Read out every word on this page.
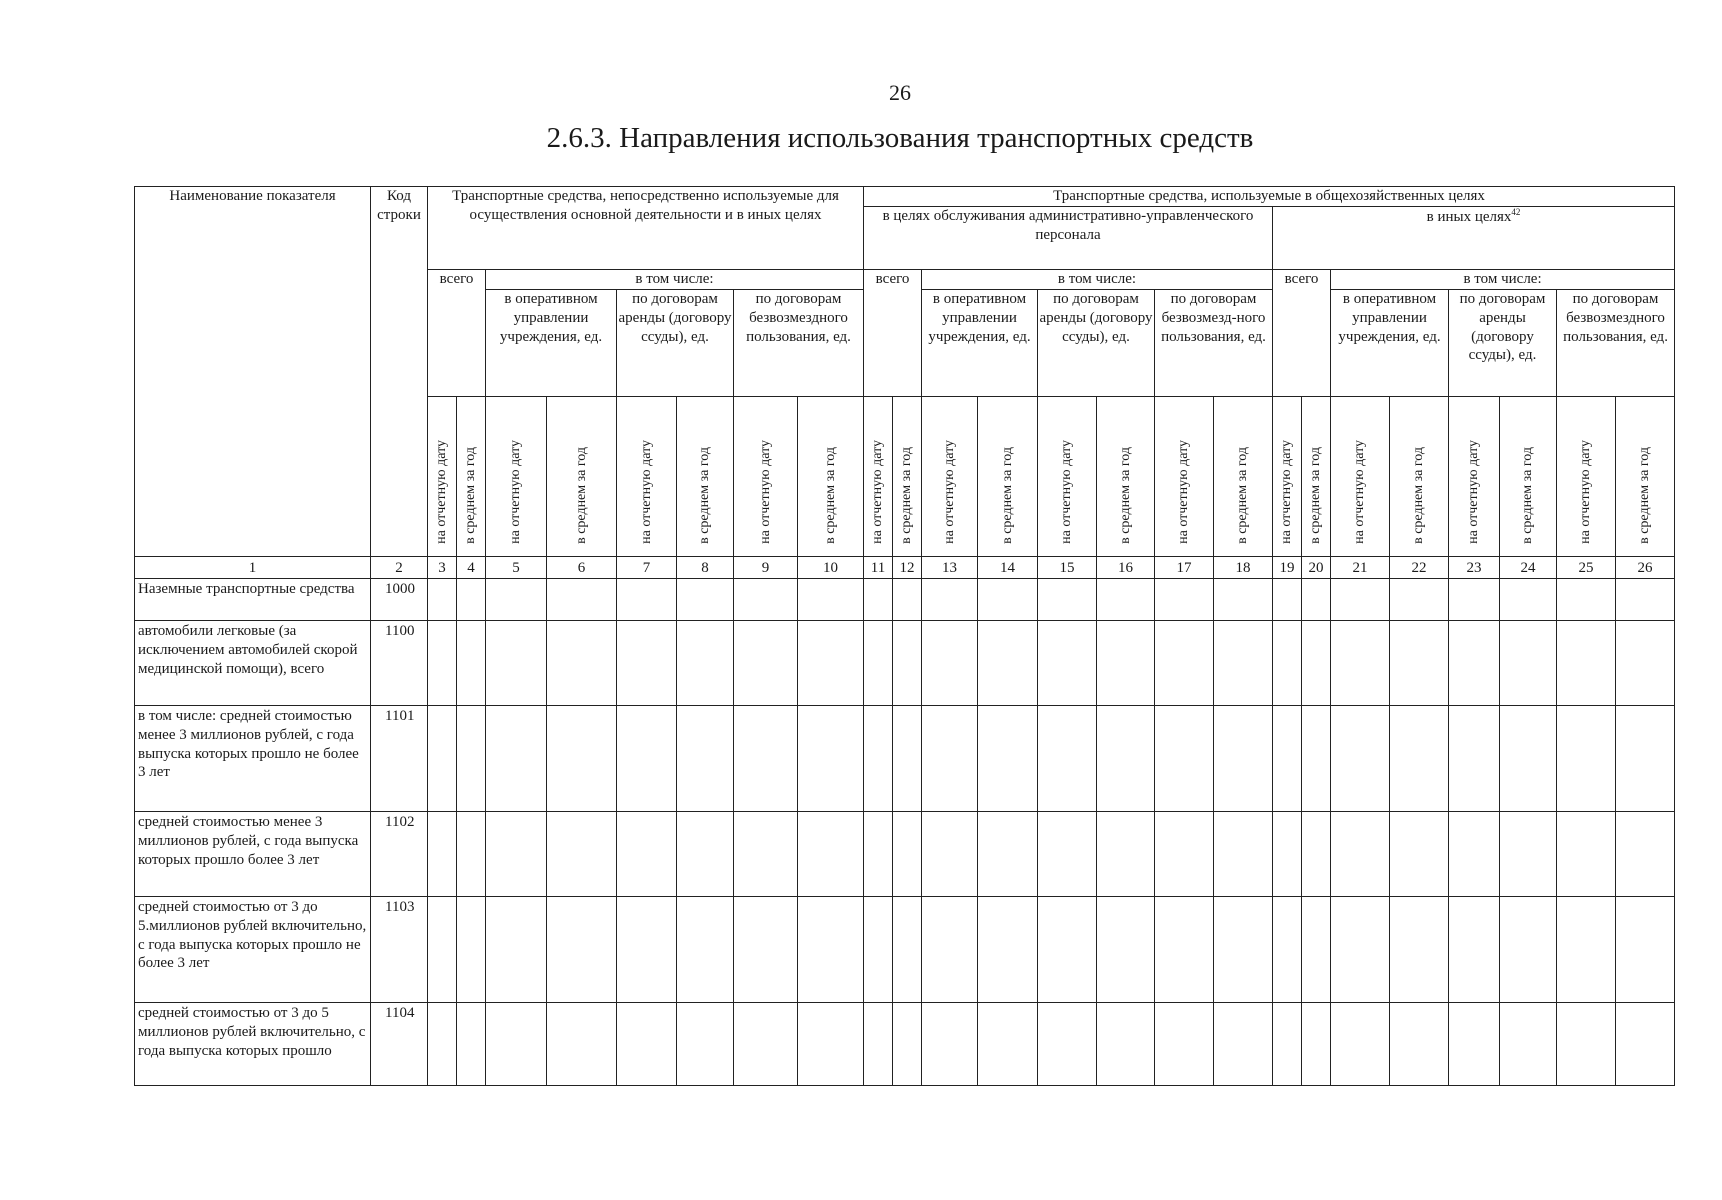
26
2.6.3. Направления использования транспортных средств
Наименование показателя	Код строки	Транспортные средства, непосредственно используемые для осуществления основной деятельности и в иных целях								Транспортные средства, используемые в общехозяйственных целях															
										в целях обслуживания административно-управленческого персонала								в иных целях$^{42}$
		всего		в том числе:						всего		в том числе:						всего		в том числе:					
				в оперативном управлении учреждения, ед.		по договорам аренды (договору ссуды), ед.		по договорам безвозмездного пользования, ед.				в оперативном управлении учреждения, ед.		по договорам аренды (договору ссуды), ед.		по договорам безвозмезд-ного пользования, ед.				в оперативном управлении учреждения, ед.		по договорам аренды (договору ссуды), ед.		по договорам безвозмездного пользования, ед.	
		на отчетную дату	в среднем за год	на отчетную дату	в среднем за год	на отчетную дату	в среднем за год	на отчетную дату	в среднем за год	на отчетную дату	в среднем за год	на отчетную дату	в среднем за год	на отчетную дату	в среднем за год	на отчетную дату	в среднем за год	на отчетную дату	в среднем за год	на отчетную дату	в среднем за год	на отчетную дату	в среднем за год	на отчетную дату	в среднем за год
1	2	3	4	5	6	7	8	9	10	11	12	13	14	15	16	17	18	19	20	21	22	23	24	25	26
Наземные транспортные средства	1000																								
автомобили легковые (за исключением автомобилей скорой медицинской помощи), всего	1100																								
в том числе: средней стоимостью менее 3 миллионов рублей, с года выпуска которых прошло не более 3 лет	1101																								
средней стоимостью менее 3 миллионов рублей, с года выпуска которых прошло более 3 лет	1102																								
средней стоимостью от 3 до 5.миллионов рублей включительно, с года выпуска которых прошло не более 3 лет	1103																								
средней стоимостью от 3 до 5 миллионов рублей включительно, с года выпуска которых прошло	1104																								
